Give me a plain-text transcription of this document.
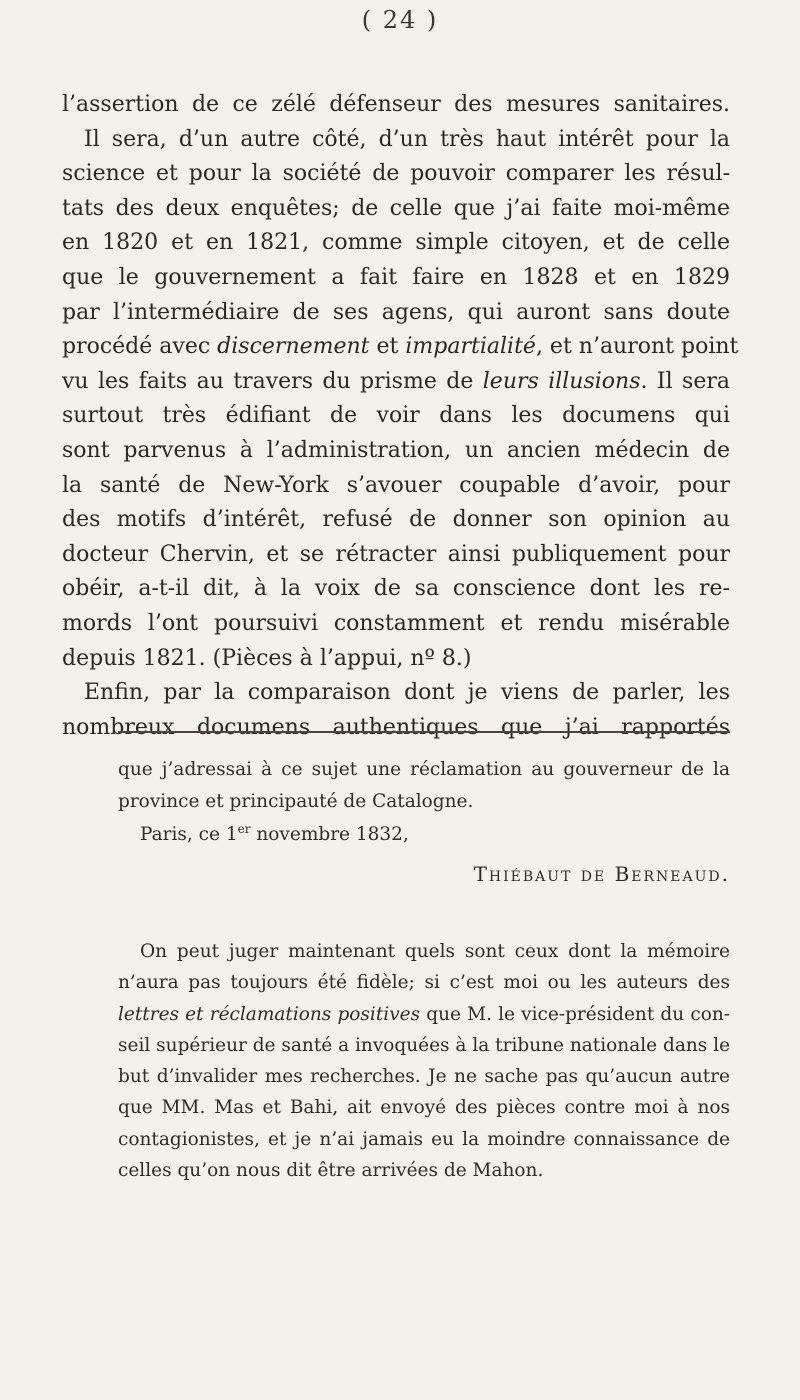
( 24 )
l’assertion de ce zélé défenseur des mesures sanitaires.
Il sera, d’un autre côté, d’un très haut intérêt pour la
science et pour la société de pouvoir comparer les résul-
tats des deux enquêtes; de celle que j’ai faite moi-même
en 1820 et en 1821, comme simple citoyen, et de celle
que le gouvernement a fait faire en 1828 et en 1829
par l’intermédiaire de ses agens, qui auront sans doute
procédé avec discernement et impartialité, et n’auront point
vu les faits au travers du prisme de leurs illusions. Il sera
surtout très édifiant de voir dans les documens qui
sont parvenus à l’administration, un ancien médecin de
la santé de New-York s’avouer coupable d’avoir, pour
des motifs d’intérêt, refusé de donner son opinion au
docteur Chervin, et se rétracter ainsi publiquement pour
obéir, a-t-il dit, à la voix de sa conscience dont les re-
mords l’ont poursuivi constamment et rendu misérable
depuis 1821. (Pièces à l’appui, nº 8.)
Enfin, par la comparaison dont je viens de parler, les
nombreux documens authentiques que j’ai rapportés
que j’adressai à ce sujet une réclamation au gouverneur de la
province et principauté de Catalogne.
Paris, ce 1er novembre 1832,
Thiébaut de Berneaud.
On peut juger maintenant quels sont ceux dont la mémoire
n’aura pas toujours été fidèle; si c’est moi ou les auteurs des
lettres et réclamations positives que M. le vice-président du con-
seil supérieur de santé a invoquées à la tribune nationale dans le
but d’invalider mes recherches. Je ne sache pas qu’aucun autre
que MM. Mas et Bahi, ait envoyé des pièces contre moi à nos
contagionistes, et je n’ai jamais eu la moindre connaissance de
celles qu’on nous dit être arrivées de Mahon.
